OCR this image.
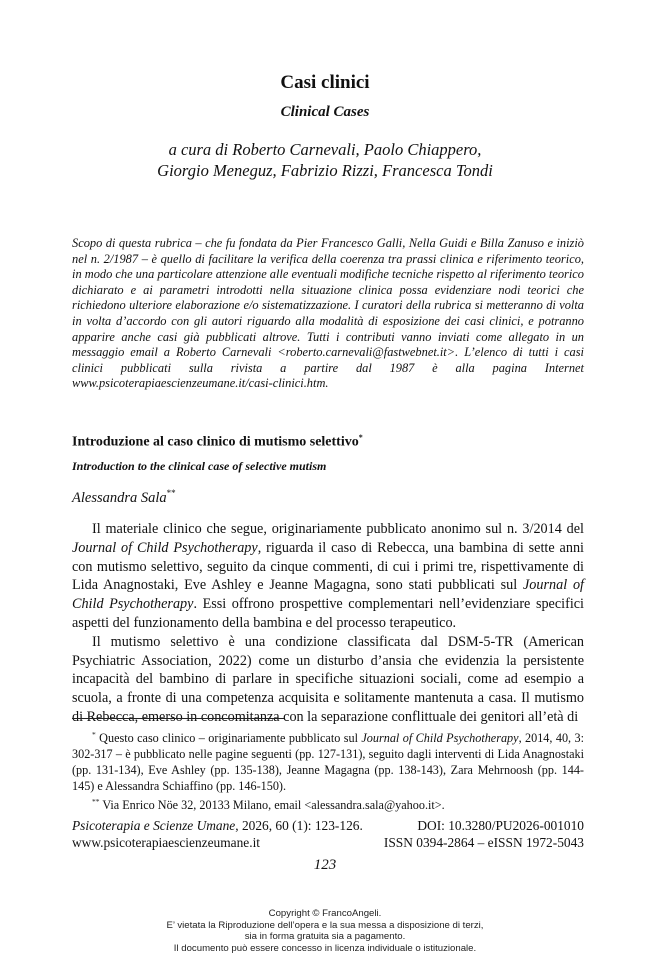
Casi clinici
Clinical Cases
a cura di Roberto Carnevali, Paolo Chiappero,
Giorgio Meneguz, Fabrizio Rizzi, Francesca Tondi

Scopo di questa rubrica – che fu fondata da Pier Francesco Galli, Nella Guidi e Billa Zanuso e iniziò nel n. 2/1987 – è quello di facilitare la verifica della coerenza tra prassi clinica e riferimento teorico, in modo che una particolare attenzione alle eventuali modifiche tecniche rispetto al riferimento teorico dichiarato e ai parametri introdotti nella situazione clinica possa evidenziare nodi teorici che richiedono ulteriore elaborazione e/o sistematizzazione. I curatori della rubrica si metteranno di volta in volta d’accordo con gli autori riguardo alla modalità di esposizione dei casi clinici, e potranno apparire anche casi già pubblicati altrove. Tutti i contributi vanno inviati come allegato in un messaggio email a Roberto Carnevali <roberto.carnevali@fastwebnet.it>. L’elenco di tutti i casi clinici pubblicati sulla rivista a partire dal 1987 è alla pagina Internet www.psicoterapiaescienzeumane.it/casi-clinici.htm.

Introduzione al caso clinico di mutismo selettivo*
Introduction to the clinical case of selective mutism
Alessandra Sala**

Il materiale clinico che segue, originariamente pubblicato anonimo sul n. 3/2014 del Journal of Child Psychotherapy, riguarda il caso di Rebecca, una bambina di sette anni con mutismo selettivo, seguito da cinque commenti, di cui i primi tre, rispettivamente di Lida Anagnostaki, Eve Ashley e Jeanne Magagna, sono stati pubblicati sul Journal of Child Psychotherapy. Essi offrono prospettive complementari nell’evidenziare specifici aspetti del funzionamento della bambina e del processo terapeutico.

Il mutismo selettivo è una condizione classificata dal DSM-5-TR (American Psychiatric Association, 2022) come un disturbo d’ansia che evidenzia la persistente incapacità del bambino di parlare in specifiche situazioni sociali, come ad esempio a scuola, a fronte di una competenza acquisita e solitamente mantenuta a casa. Il mutismo di Rebecca, emerso in concomitanza con la separazione conflittuale dei genitori all’età di

* Questo caso clinico – originariamente pubblicato sul Journal of Child Psychotherapy, 2014, 40, 3: 302-317 – è pubblicato nelle pagine seguenti (pp. 127-131), seguito dagli interventi di Lida Anagnostaki (pp. 131-134), Eve Ashley (pp. 135-138), Jeanne Magagna (pp. 138-143), Zara Mehrnoosh (pp. 144-145) e Alessandra Schiaffino (pp. 146-150).

** Via Enrico Nöe 32, 20133 Milano, email <alessandra.sala@yahoo.it>.

Psicoterapia e Scienze Umane, 2026, 60 (1): 123-126.	DOI: 10.3280/PU2026-001010
www.psicoterapiaescienzeumane.it	ISSN 0394-2864 – eISSN 1972-5043
123
Copyright © FrancoAngeli.
E’ vietata la Riproduzione dell’opera e la sua messa a disposizione di terzi,
sia in forma gratuita sia a pagamento.
Il documento può essere concesso in licenza individuale o istituzionale.
